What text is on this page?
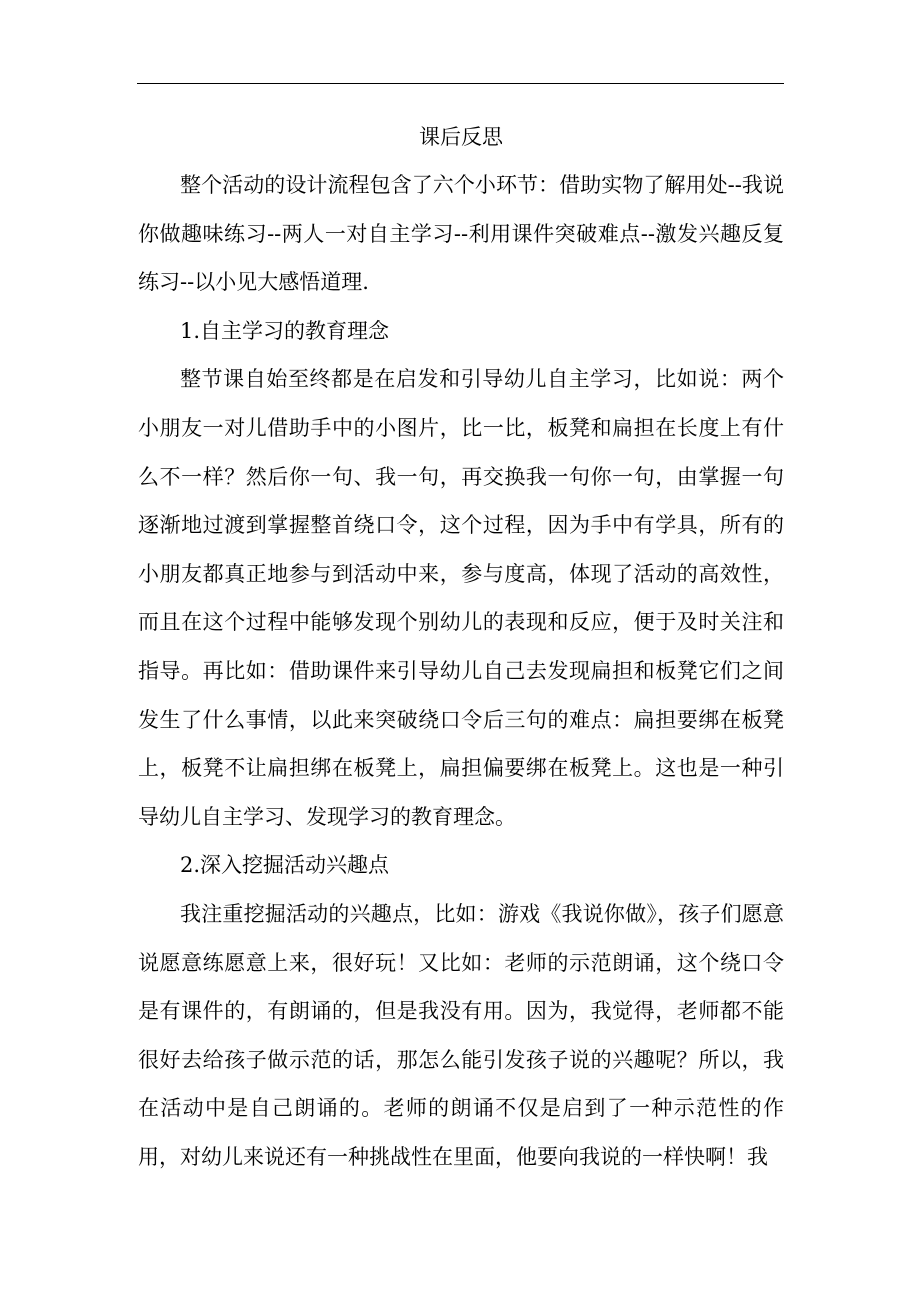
课后反思

整个活动的设计流程包含了六个小环节：借助实物了解用处--我说你做趣味练习--两人一对自主学习--利用课件突破难点--激发兴趣反复练习--以小见大感悟道理.

1.自主学习的教育理念

整节课自始至终都是在启发和引导幼儿自主学习，比如说：两个小朋友一对儿借助手中的小图片，比一比，板凳和扁担在长度上有什么不一样？然后你一句、我一句，再交换我一句你一句，由掌握一句逐渐地过渡到掌握整首绕口令，这个过程，因为手中有学具，所有的小朋友都真正地参与到活动中来，参与度高，体现了活动的高效性，而且在这个过程中能够发现个别幼儿的表现和反应，便于及时关注和指导。再比如：借助课件来引导幼儿自己去发现扁担和板凳它们之间发生了什么事情，以此来突破绕口令后三句的难点：扁担要绑在板凳上，板凳不让扁担绑在板凳上，扁担偏要绑在板凳上。这也是一种引导幼儿自主学习、发现学习的教育理念。

2.深入挖掘活动兴趣点

我注重挖掘活动的兴趣点，比如：游戏《我说你做》，孩子们愿意说愿意练愿意上来，很好玩！又比如：老师的示范朗诵，这个绕口令是有课件的，有朗诵的，但是我没有用。因为，我觉得，老师都不能很好去给孩子做示范的话，那怎么能引发孩子说的兴趣呢？所以，我在活动中是自己朗诵的。老师的朗诵不仅是启到了一种示范性的作用，对幼儿来说还有一种挑战性在里面，他要向我说的一样快啊！我
